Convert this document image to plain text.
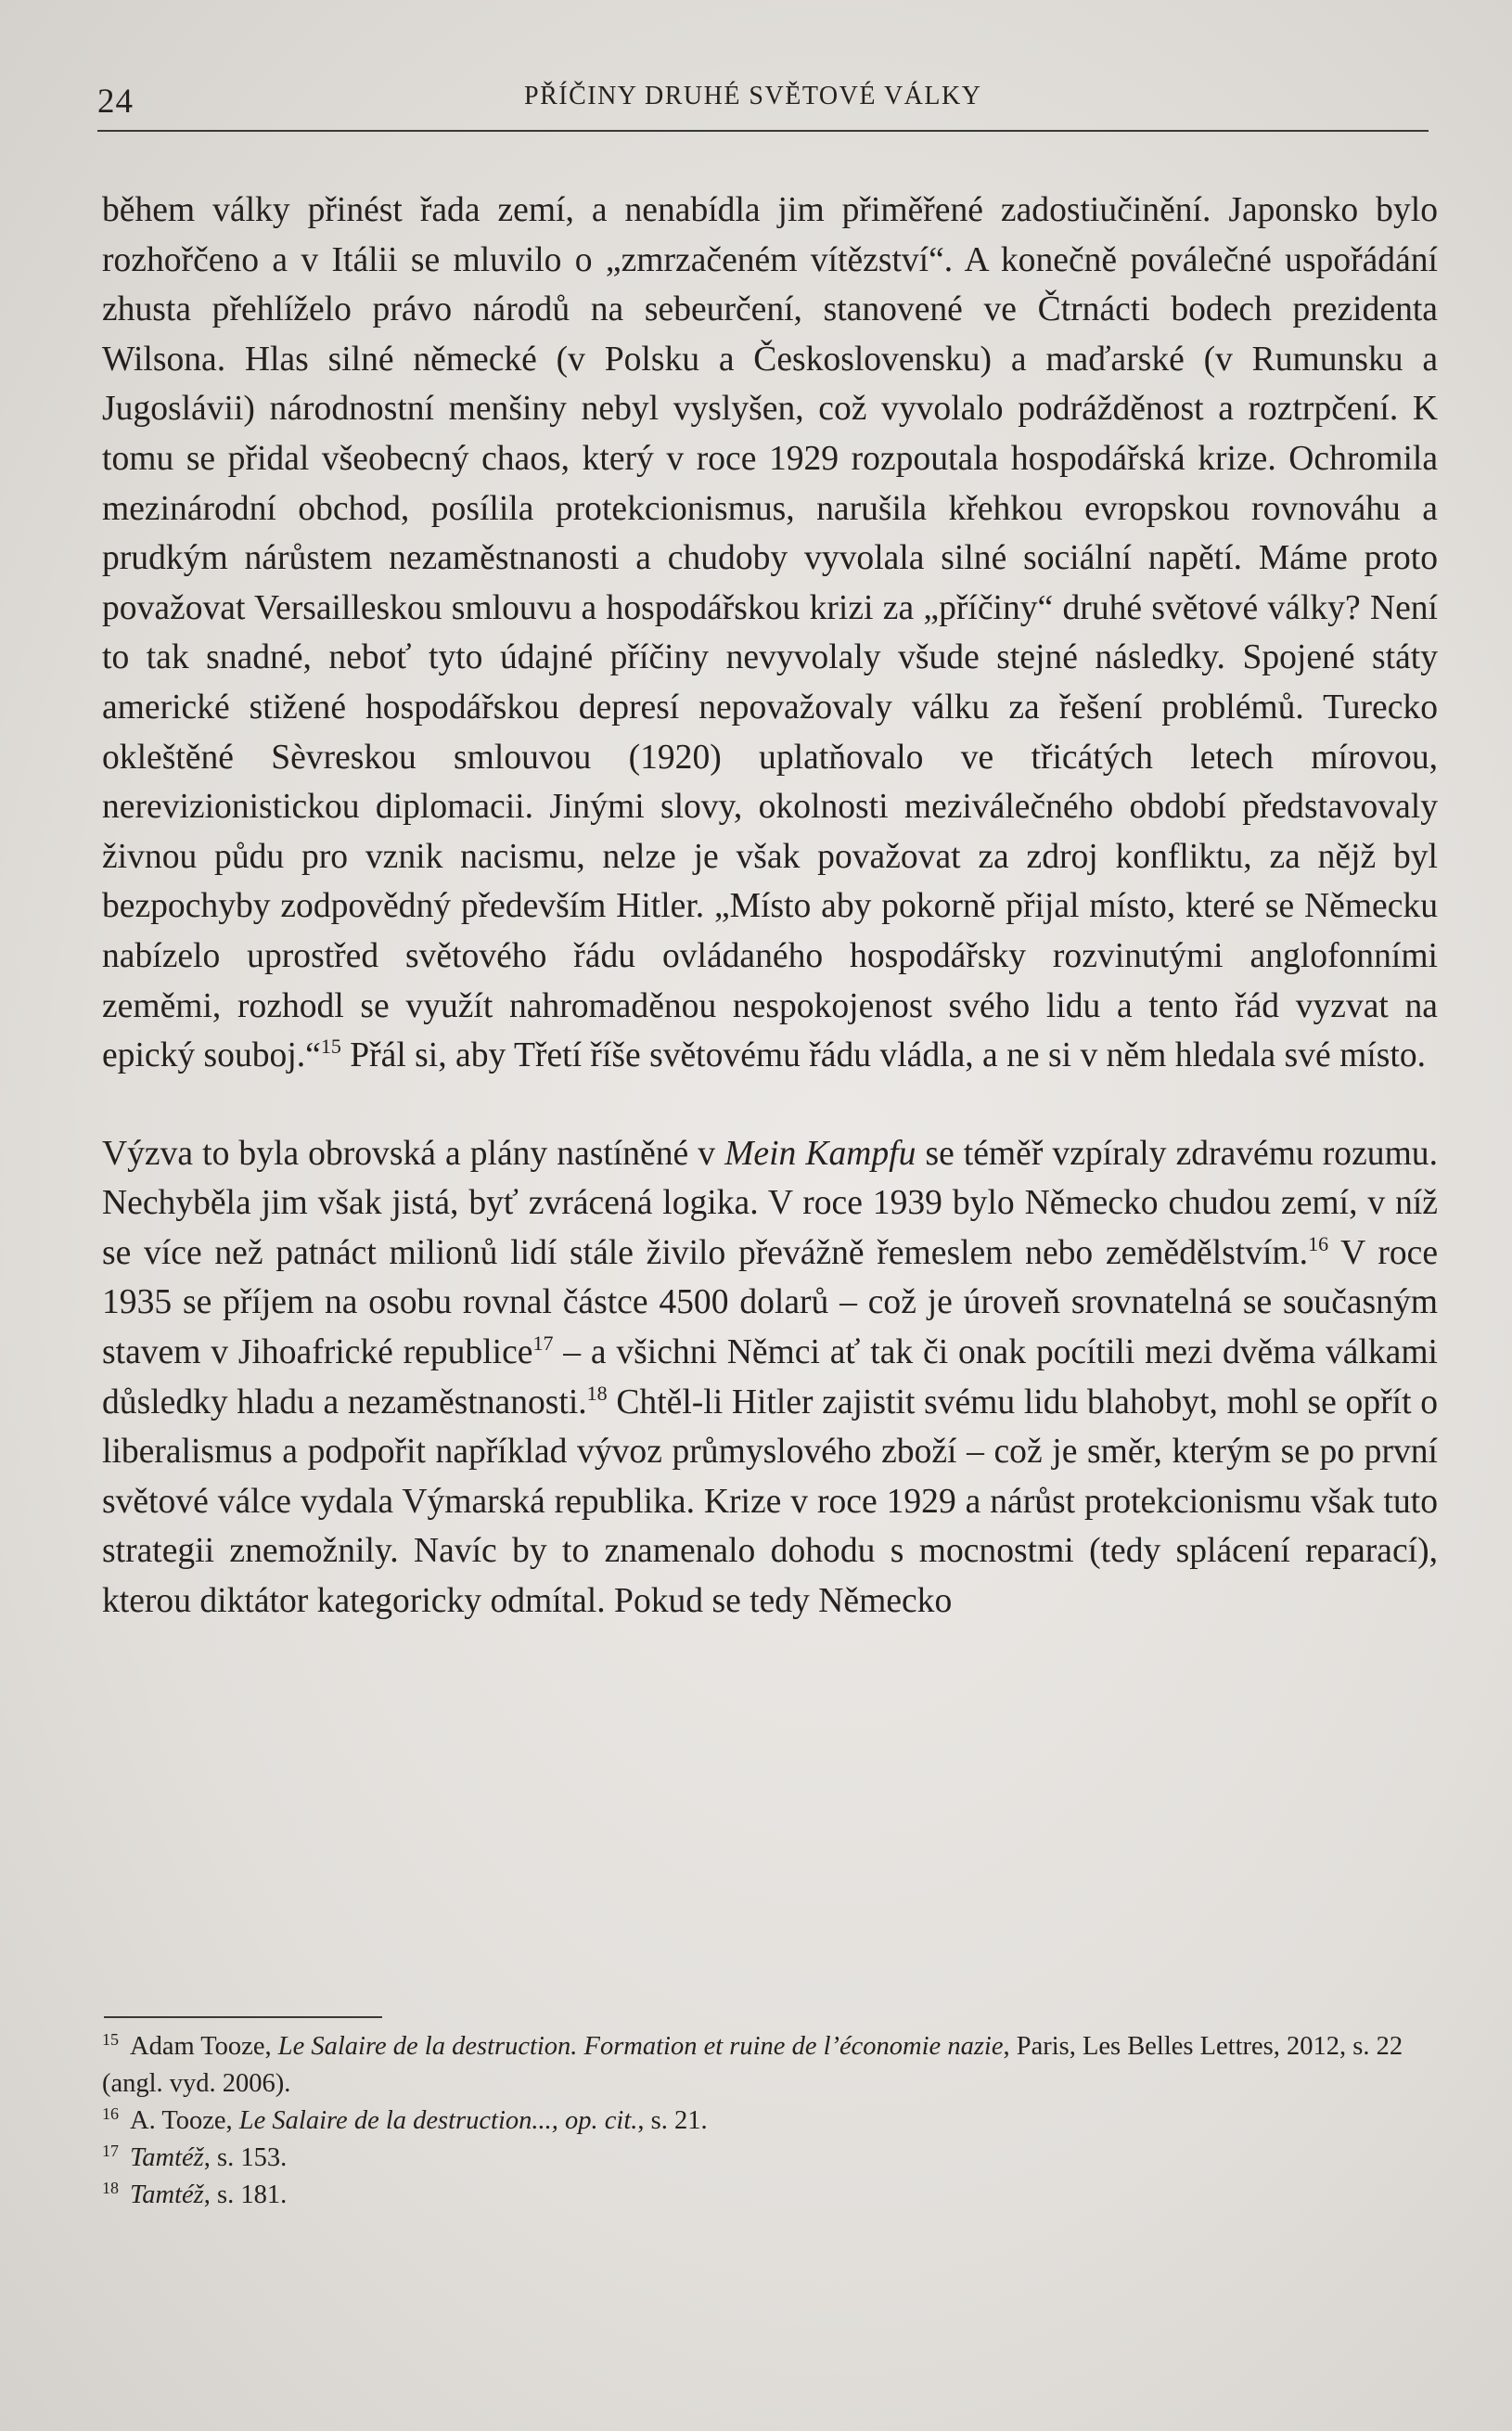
24	PŘÍČINY DRUHÉ SVĚTOVÉ VÁLKY

během války přinést řada zemí, a nenabídla jim přiměřené zadostiučinění. Japonsko bylo rozhořčeno a v Itálii se mluvilo o „zmrzačeném vítězství“. A konečně poválečné uspořádání zhusta přehlíželo právo národů na sebeurčení, stanovené ve Čtrnácti bodech prezidenta Wilsona. Hlas silné německé (v Polsku a Československu) a maďarské (v Rumunsku a Jugoslávii) národnostní menšiny nebyl vyslyšen, což vyvolalo podrážděnost a roztrpčení. K tomu se přidal všeobecný chaos, který v roce 1929 rozpoutala hospodářská krize. Ochromila mezinárodní obchod, posílila protekcionismus, narušila křehkou evropskou rovnováhu a prudkým nárůstem nezaměstnanosti a chudoby vyvolala silné sociální napětí. Máme proto považovat Versailleskou smlouvu a hospodářskou krizi za „příčiny“ druhé světové války? Není to tak snadné, neboť tyto údajné příčiny nevyvolaly všude stejné následky. Spojené státy americké stižené hospodářskou depresí nepovažovaly válku za řešení problémů. Turecko okleštěné Sèvreskou smlouvou (1920) uplatňovalo ve třicátých letech mírovou, nerevizionistickou diplomacii. Jinými slovy, okolnosti meziválečného období představovaly živnou půdu pro vznik nacismu, nelze je však považovat za zdroj konfliktu, za nějž byl bezpochyby zodpovědný především Hitler. „Místo aby pokorně přijal místo, které se Německu nabízelo uprostřed světového řádu ovládaného hospodářsky rozvinutými anglofonními zeměmi, rozhodl se využít nahromaděnou nespokojenost svého lidu a tento řád vyzvat na epický souboj.“$^{15}$ Přál si, aby Třetí říše světovému řádu vládla, a ne si v něm hledala své místo.

Výzva to byla obrovská a plány nastíněné v Mein Kampfu se téměř vzpíraly zdravému rozumu. Nechyběla jim však jistá, byť zvrácená logika. V roce 1939 bylo Německo chudou zemí, v níž se více než patnáct milionů lidí stále živilo převážně řemeslem nebo zemědělstvím.$^{16}$ V roce 1935 se příjem na osobu rovnal částce 4500 dolarů – což je úroveň srovnatelná se současným stavem v Jihoafrické republice$^{17}$ – a všichni Němci ať tak či onak pocítili mezi dvěma válkami důsledky hladu a nezaměstnanosti.$^{18}$ Chtěl-li Hitler zajistit svému lidu blahobyt, mohl se opřít o liberalismus a podpořit například vývoz průmyslového zboží – což je směr, kterým se po první světové válce vydala Výmarská republika. Krize v roce 1929 a nárůst protekcionismu však tuto strategii znemožnily. Navíc by to znamenalo dohodu s mocnostmi (tedy splácení reparací), kterou diktátor kategoricky odmítal. Pokud se tedy Německo

$^{15}$ Adam Tooze, Le Salaire de la destruction. Formation et ruine de l’économie nazie, Paris, Les Belles Lettres, 2012, s. 22 (angl. vyd. 2006).

$^{16}$ A. Tooze, Le Salaire de la destruction..., op. cit., s. 21.

$^{17}$ Tamtéž, s. 153.

$^{18}$ Tamtéž, s. 181.
